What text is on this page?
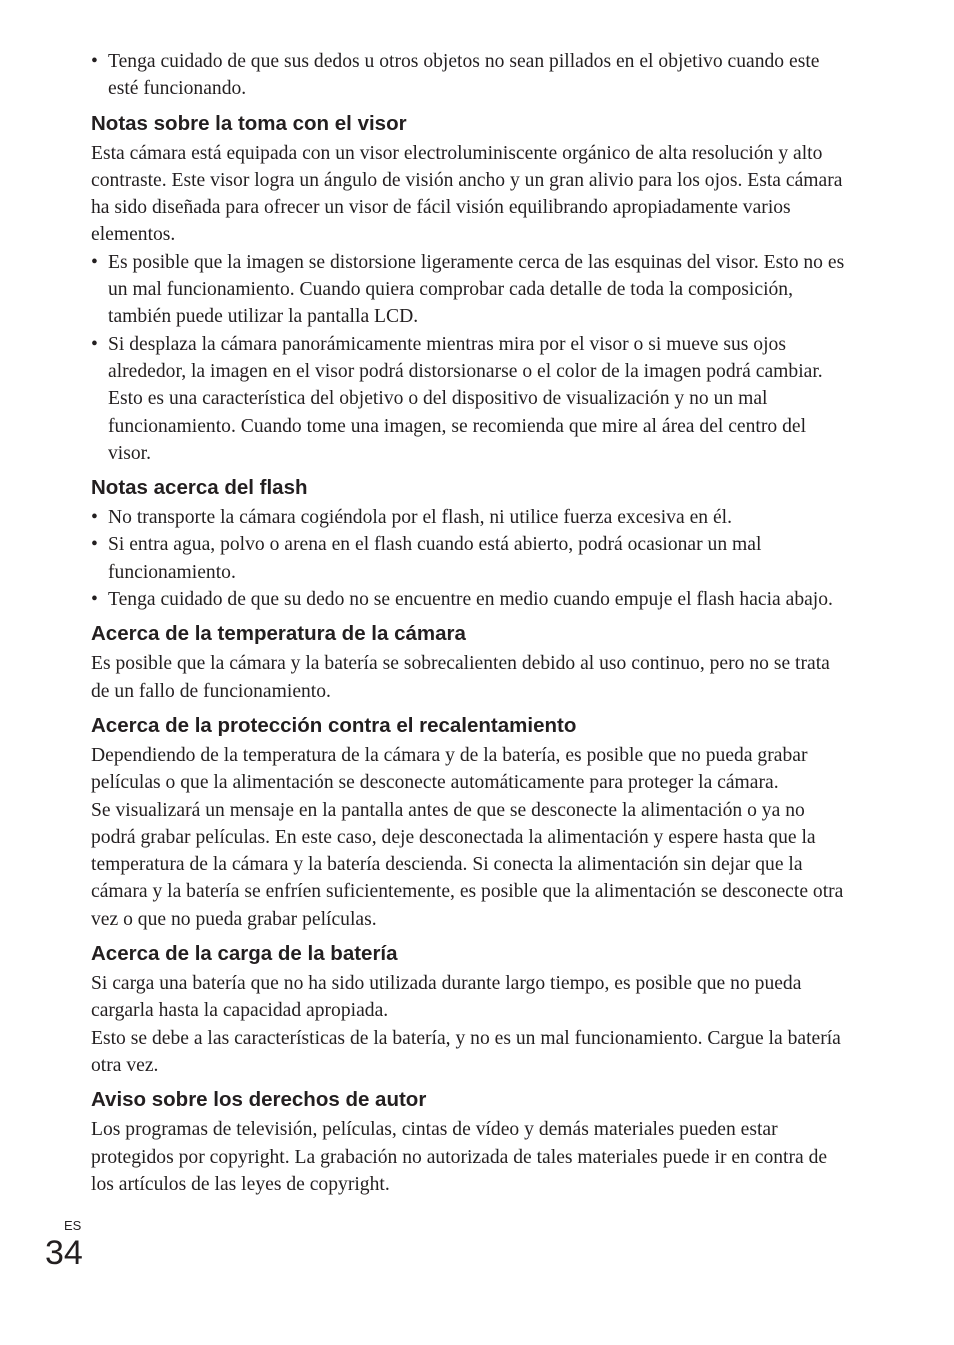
• Tenga cuidado de que sus dedos u otros objetos no sean pillados en el objetivo cuando este esté funcionando.

Notas sobre la toma con el visor

Esta cámara está equipada con un visor electroluminiscente orgánico de alta resolución y alto contraste. Este visor logra un ángulo de visión ancho y un gran alivio para los ojos. Esta cámara ha sido diseñada para ofrecer un visor de fácil visión equilibrando apropiadamente varios elementos.

• Es posible que la imagen se distorsione ligeramente cerca de las esquinas del visor. Esto no es un mal funcionamiento. Cuando quiera comprobar cada detalle de toda la composición, también puede utilizar la pantalla LCD.

• Si desplaza la cámara panorámicamente mientras mira por el visor o si mueve sus ojos alrededor, la imagen en el visor podrá distorsionarse o el color de la imagen podrá cambiar. Esto es una característica del objetivo o del dispositivo de visualización y no un mal funcionamiento. Cuando tome una imagen, se recomienda que mire al área del centro del visor.

Notas acerca del flash

• No transporte la cámara cogiéndola por el flash, ni utilice fuerza excesiva en él.

• Si entra agua, polvo o arena en el flash cuando está abierto, podrá ocasionar un mal funcionamiento.

• Tenga cuidado de que su dedo no se encuentre en medio cuando empuje el flash hacia abajo.

Acerca de la temperatura de la cámara

Es posible que la cámara y la batería se sobrecalienten debido al uso continuo, pero no se trata de un fallo de funcionamiento.

Acerca de la protección contra el recalentamiento

Dependiendo de la temperatura de la cámara y de la batería, es posible que no pueda grabar películas o que la alimentación se desconecte automáticamente para proteger la cámara.

Se visualizará un mensaje en la pantalla antes de que se desconecte la alimentación o ya no podrá grabar películas. En este caso, deje desconectada la alimentación y espere hasta que la temperatura de la cámara y la batería descienda. Si conecta la alimentación sin dejar que la cámara y la batería se enfríen suficientemente, es posible que la alimentación se desconecte otra vez o que no pueda grabar películas.

Acerca de la carga de la batería

Si carga una batería que no ha sido utilizada durante largo tiempo, es posible que no pueda cargarla hasta la capacidad apropiada.

Esto se debe a las características de la batería, y no es un mal funcionamiento. Cargue la batería otra vez.

Aviso sobre los derechos de autor

Los programas de televisión, películas, cintas de vídeo y demás materiales pueden estar protegidos por copyright. La grabación no autorizada de tales materiales puede ir en contra de los artículos de las leyes de copyright.

ES
34
